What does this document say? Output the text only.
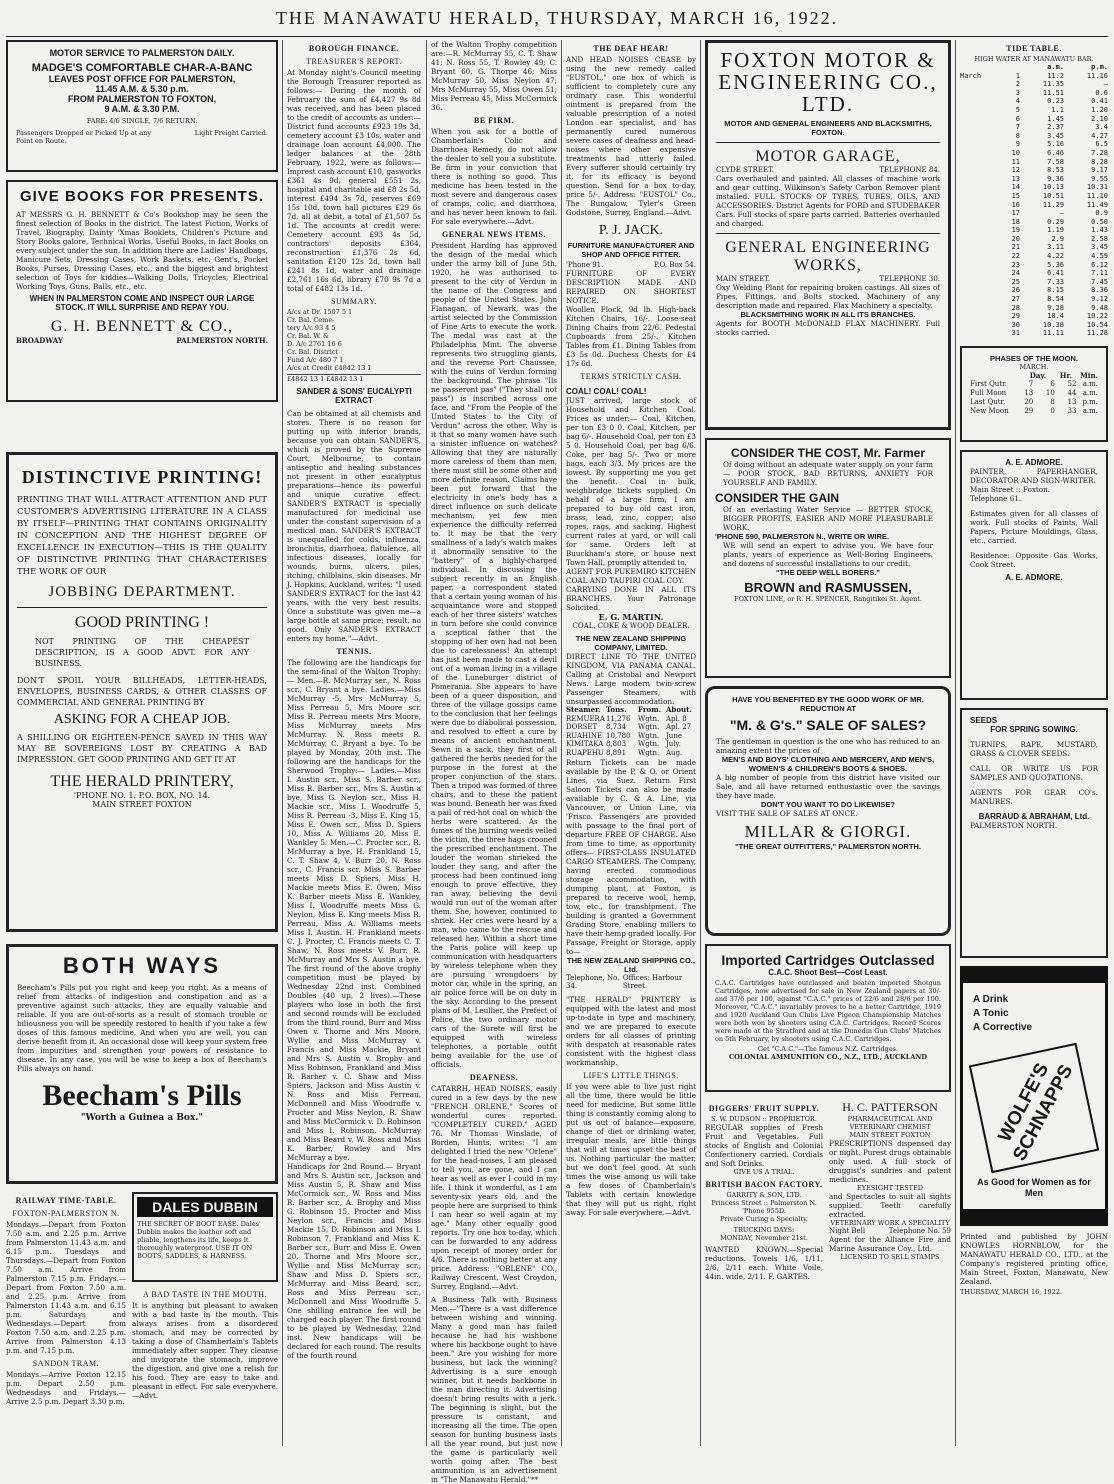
THE MANAWATU HERALD, THURSDAY, MARCH 16, 1922.
MOTOR SERVICE TO PALMERSTON DAILY.
MADGE'S COMFORTABLE CHAR-A-BANC
LEAVES POST OFFICE FOR PALMERSTON,
11.45 A.M. & 5.30 p.m.
FROM PALMERSTON TO FOXTON,
9 A.M. & 3.30 P.M.
FARE: 4/6 SINGLE, 7/6 RETURN.
Passengers Dropped or Picked Up at any Point en Route.
Light Freight Carried.
GIVE BOOKS FOR PRESENTS.
AT MESSRS G. H. BENNETT & Co's Bookshop may be seen the finest selection of Books in the district. The latest Fiction, Works of Travel, Biography, Dainty 'Xmas Booklets, Children's Picture and Story Books galore, Technical Works, Useful Books, in fact Books on every subject under the sun. In addition there are Ladies' Handbags, Manicure Sets, Dressing Cases, Work Baskets, etc. Gent's, Pocket Books, Purses, Dressing Cases, etc., and the biggest and brightest selection of Toys for kiddies—Walking Dolls, Tricycles, Electrical Working Toys, Guns, Balls, etc., etc.
WHEN IN PALMERSTON COME AND INSPECT OUR LARGE STOCK. IT WILL SURPRISE AND REPAY YOU.
G. H. BENNETT & CO.,
BROADWAY	PALMERSTON NORTH.
DISTINCTIVE PRINTING!
PRINTING THAT WILL ATTRACT ATTENTION AND PUT CUSTOMER'S ADVERTISING LITERATURE IN A CLASS BY ITSELF—PRINTING THAT CONTAINS ORIGINALITY IN CONCEPTION AND THE HIGHEST DEGREE OF EXCELLENCE IN EXECUTION—THIS IS THE QUALITY OF DISTINCTIVE PRINTING THAT CHARACTERISES THE WORK OF OUR
JOBBING DEPARTMENT.
GOOD PRINTING !
NOT PRINTING OF THE CHEAPEST DESCRIPTION, IS A GOOD ADVT. FOR ANY BUSINESS.
DON'T SPOIL YOUR BILLHEADS, LETTER-HEADS, ENVELOPES, BUSINESS CARDS, & OTHER CLASSES OF COMMERCIAL AND GENERAL PRINTING BY
ASKING FOR A CHEAP JOB.
A SHILLING OR EIGHTEEN-PENCE SAVED IN THIS WAY MAY BE SOVEREIGNS LOST BY CREATING A BAD IMPRESSION. GET GOOD PRINTING AND GET IT AT
THE HERALD PRINTERY,
'PHONE NO. 1. P.O. BOX, NO. 14.
MAIN STREET FOXTON
BOTH WAYS
Beecham's Pills put you right and keep you right. As a means of relief from attacks of indigestion and constipation and as a preventive against such attacks, they are equally valuable and reliable. If you are out-of-sorts as a result of stomach trouble or biliousness you will be speedily restored to health if you take a few doses of this famous medicine. And when you are well, you can derive benefit from it. An occasional dose will keep your system free from impurities and strengthen your powers of resistance to disease. In any case, you will be wise to keep a box of Beecham's Pills always on hand.
Beecham's Pills
"Worth a Guinea a Box."
RAILWAY TIME-TABLE.
FOXTON-PALMERSTON N.
Mondays.—Depart from Foxton 7.50 a.m. and 2.25 p.m. Arrive from Palmerston 11.43 a.m. and 6.15 p.m. Tuesdays and Thursdays.—Depart from Foxton 7.50 a.m. Arrive from Palmerston 7.15 p.m. Fridays.—Depart from Foxton 7.50 a.m. and 2.25 p.m. Arrive from Palmerston 11.43 a.m. and 6.15 p.m. Saturdays and Wednesdays.—Depart from Foxton 7.50 a.m. and 2.25 p.m. Arrive from Palmerston 4.13 p.m. and 7.15 p.m.
SANDON TRAM.
Mondays.—Arrive Foxton 12.15 p.m. Depart 2.50 p.m. Wednesdays and Fridays.—Arrive 2.5 p.m. Depart 3.30 p.m.
DALES DUBBIN
THE SECRET OF BOOT EASE. Dales' Dubbin makes the leather soft and pliable, lengthens its life, keeps it thoroughly waterproof. USE IT ON BOOTS, SADDLES, & HARNESS.
A BAD TASTE IN THE MOUTH.
It is anything but pleasant to awaken with a bad taste in the mouth. This always arises from a disordered stomach, and may be corrected by taking a dose of Chamberlain's Tablets immediately after supper. They cleanse and invigorate the stomach, improve the digestion, and give one a relish for his food. They are easy to take and pleasant in effect. For sale everywhere.—Advt.
BOROUGH FINANCE.
TREASURER'S REPORT.
At Monday night's Council meeting the Borough Treasurer reported as follows:— During the month of February the sum of £4,427 9s 8d was received, and has been placed to the credit of accounts as under:—District fund accounts £923 19s 3d, cemetery account £3 10s, water and drainage loan account £4,000. The ledger balances at the 28th February, 1922, were as follows:—Imprest cash account £10, gasworks £361 4s 9d, general £551 2s, hospital and charitable aid £8 2s 5d, interest £494 3s 7d, reserves £69 15s 10d, town hall pictures £29 6s 7d, all at debit, a total of £1,507 5s 1d. The accounts at credit were: Cemetery account £93 4s 5d, contractors' deposits £364, reconstruction £1,376 2s 6d, sanitation £120 12s 2d, town hall £241 8s 1d, water and drainage £2,761 16s 6d, library £70 9s 7d a total of £482 13s 1d.
SUMMARY.
A/cs at Dr. 1507 5 1
Cr. Bal. Ceme-
tery A/c 93 4 5
Cr. Bal. W. &
D. A/c 2761 16 6
Cr. Bal. District
Fund A/c 480 7 1
A/cs at Credit £4842 13 1
£4842 13 1 £4842 13 1
SANDER & SONS' EUCALYPTI EXTRACT
Can be obtained at all chemists and stores. There is no reason for putting up with inferior brands, because you can obtain SANDER'S, which is proved by the Supreme Court, Melbourne, to contain antiseptic and healing substances not present in other eucalyptus preparations—hence its powerful and unique curative effect. SANDER'S EXTRACT is specially manufactured for medicinal use under the constant supervision of a medical man. SANDER'S EXTRACT is unequalled for colds, influenza, bronchitis, diarrhoea, flatulence, all infectious diseases, locally for wounds, burns, ulcers, piles, itching, chilblains, skin diseases. Mr J. Hopkins, Auckland, writes: "I used SANDER'S EXTRACT for the last 42 years, with the very best results. Once a substitute was given me—a large bottle at same price; result, no good. Only SANDER'S EXTRACT enters my home."—Advt.
TENNIS.
The following are the handicaps for the semi-final of the Walton Trophy:— Men.—R. McMurray ser., N. Ross scr., C. Bryant a bye. Ladies.—Miss McMurray -5, Mrs McMurray 5, Miss Perreau 5, Mrs Moore scr. Miss R. Perreau meets Mrs Moore, Miss McMurray meets Mrs McMurray. N. Ross meets R. McMurray, C. Bryant a bye. To be played by Monday, 20th inst. The following are the handicaps for the Sherwood Trophy:— Ladies.—Miss I. Austin scr., Miss S. Barber scr., Miss R. Barber scr., Mrs S. Austin a bye, Miss G. Neylon scr., Miss H. Mackie scr., Miss I. Woodruffe 5, Miss R. Perreau -3, Miss E. King 15, Miss E. Owen scr., Miss D. Spiers 10, Miss A. Williams 20, Miss E. Wankley 5. Men.—C. Procter scr., R. McMurray a bye, H. Frankland 15, C. T. Shaw 4, V. Burr 20, N. Ross scr., C. Francis scr. Miss S. Barber meets Miss D. Spiers, Miss H. Mackie meets Miss E. Owen, Miss K. Barber meets Miss E. Wankley, Miss I. Woodruffe meets Miss G. Neylon, Miss E. King meets Miss R. Perreau, Miss A. Williams meets Miss I. Austin. H. Frankland meets C. J. Procter, C. Francis meets C. T. Shaw, N. Ross meets V. Burr. R. McMurray and Mrs S. Austin a bye. The first round of the above trophy competition must be played by Wednesday 22nd inst. Combined Doubles (40 up, 2 lives).—These players who lose in both the first and second rounds will be excluded from the third round. Burr and Miss Owen v. Thorne and Mrs Moore, Wyllie and Miss McMurray v. Francis and Miss Mackie, Bryant and Mrs S. Austin v. Brophy and Miss Robinson, Frankland and Miss R. Barber v. C. Shaw and Miss Spiers, Jackson and Miss Austin v. N. Ross and Miss Perreau, McDonnell and Miss Woodruffe v. Procter and Miss Neylon, R. Shaw and Miss McCormick v. D. Robinson and Miss I. Robinson, McMurray and Miss Beard v. W. Ross and Miss K. Barber, Rowley and Mrs McMurray a bye.
Handicaps for 2nd Round.— Bryant and Mrs S. Austin scr., Jackson and Miss Austin 5, R. Shaw and Miss McCormick scr., W. Ross and Miss R. Barber scr., A. Brophy and Miss G. Robinson 15, Procter and Miss Neylon scr., Francis and Miss Mackie 15, D. Robinson and Miss I. Robinson 7, Frankland and Miss K. Barber scr., Burr and Miss E. Owen 20, Thorne and Mrs Moore scr., Wyllie and Miss McMurray scr., Shaw and Miss D. Spiers scr., McMurray and Miss Beard, scr., Ross and Miss Perreau scr., McDonnell and Miss Woodruffe 5. One shilling entrance fee will be charged each player. The first round to be played by Wednesday, 22nd inst. New handicaps will be declared for each round. The results of the fourth round
of the Walton Trophy competition are:—R. McMurray 55, C. T. Shaw 41; N. Ross 55, T. Rowley 49; C. Bryant 60, G. Thorpe 46; Miss McMurray 50, Miss Neylon 47; Mrs McMurray 55, Miss Owen 51; Miss Perreau 45, Miss McCormick 36.
BE FIRM.
When you ask for a bottle of Chamberlain's Colic and Diarrhoea Remedy, do not allow the dealer to sell you a substitute. Be firm in your conviction that there is nothing so good. This medicine has been tested in the most severe and dangerous cases of cramps, colic, and diarrhoea, and has never been known to fail. For sale everywhere.—Advt.
GENERAL NEWS ITEMS.
President Harding has approved the design of the medal which under the army bill of June 5th, 1920, he was authorised to present to the city of Verdun in the name of the Congress and people of the United States. John Flanagan, of Newark, was the artist selected by the Commission of Fine Arts to execute the work. The medal was cast at the Philadelphia Mint. The obverse represents two struggling giants, and the reverse Port Chaussee, with the ruins of Verdun forming the background. The phrase "Ils ne passeront pas" ("They shall not pass") is inscribed across one face, and "From the People of the United States to the City of Verdun" across the other. Why is it that so many women have such a sinister influence on watches? Allowing that they are naturally more careless of them than men, there must still be some other and more definite reason. Claims have been put forward that the electricity in one's body has a direct influence on such delicate mechanism, yet few men experience the difficulty referred to. It may be that the very smallness of a lady's watch makes it abnormally sensitive to the "battery" of a highly-charged individual. In discussing the subject recently in an English paper, a correspondent stated that a certain young woman of his acquaintance wore and stopped each of her three sisters' watches in turn before she could convince a sceptical father that the stopping of her own had not been due to carelessness! An attempt has just been made to cast a devil out of a woman living in a village of the Luneburger district of Pomerania. She appears to have been of a queer disposition, and three of the village gossips came to the conclusion that her feelings were due to diabolical possession, and resolved to effect a cure by means of ancient enchantment. Sewn in a sack, they first of all gathered the herbs needed for the purpose in the forest at the proper conjunction of the stars. Then a tripod was formed of three chairs, and to these the patient was bound. Beneath her was fixed a pail of red-hot coal on which the herbs were scattered. As the fumes of the burning weeds veiled the victim, the three hags crooned the prescribed enchantment. The louder the woman shrieked the louder they sang, and after the process had been continued long enough to prove effective, they ran away, believing the devil would run out of the woman after them. She, however, continued to shriek. Her cries were heard by a man, who came to the rescue and released her. Within a short time the Paris police will keep up communication with headquarters by wireless telephone when they are pursuing wrongdoers by motor car, while in the spring, an air police force will be on duty in the sky. According to the present plans of M. Leullier, the Prefect of Police, the two ordinary motor cars of the Surete will first be equipped with wireless telephones, a portable outfit being available for the use of officials.
DEAFNESS.
CATARRH, HEAD NOISES, easily cured in a few days by the new "FRENCH ORLENE." Scores of wonderful cures reported. "COMPLETELY CURED." AGED 76. Mr Thomas Winslade, of Borden, Hunts, writes: "I am delighted I tried the new "Orlene" for the head-noises, I am pleased to tell you, are gone, and I can hear as well as ever I could in my life. I think it wonderful, as I am seventy-six years old, and the people here are surprised to think I can hear so well again at my age." Many other equally good reports. Try one box to-day, which can be forwarded to any address upon receipt of money order for 4/6. There is nothing better at any price. Address: "ORLENE" CO., Railway Crescent, West Croydon, Surrey, England.—Advt.
A Business Talk with Business Men.—"There is a vast difference between wishing and winning. Many a good man has failed because he had his wishbone where his backbone ought to have been." Are you wishing for more business, but lack the winning? Advertising is a sure enough winner, but it needs backbone in the man directing it. Advertising doesn't bring results with a jerk. The beginning is slight, but the pressure is constant, and increasing all the time. The open season for hunting business lasts all the year round, but just now the game is particularly well worth going after. The best ammunition is an advertisement in "The Manawatu Herald."**
THE DEAF HEAR!
AND HEAD NOISES CEASE by using the new remedy called "EUSTOL," one box of which is sufficient to completely cure any ordinary case. This wonderful ointment is prepared from the valuable prescription of a noted London ear specialist, and has permanently cured numerous severe cases of deafness and head-noises where other expensive treatments had utterly failed. Every sufferer should certainly try it, for its efficacy is beyond question. Send for a box to-day, price 5/-. Address: "EUSTOL" Co., The Bungalow, Tyler's Green Godstone, Surrey, England.—Advt.
P. J. JACK.
FURNITURE MANUFACTURER AND SHOP AND OFFICE FITTER.
'Phone 91.	P.O. Box 54.
FURNITURE OF EVERY DESCRIPTION MADE AND REPAIRED ON SHORTEST NOTICE.
Woollen Flock, 9d lb. High-back Kitchen Chairs, 16/-. Loose-seat Dining Chairs from 22/6. Pedestal Cupboards from 25/-. Kitchen Tables from £1. Dining Tables from £3 5s 0d. Duchess Chests for £4 17s 6d.
TERMS STRICTLY CASH.
COAL! COAL! COAL!
JUST arrived, large stock of Household and Kitchen Coal. Prices as under:— Coal, Kitchen, per ton £3 0 0. Coal, Kitchen, per bag 6/-. Household Coal, per ton £3 5 0. Household Coal, per bag 6/6. Coke, per bag 5/-. Two or more bags, each 3/3. My prices are the lowest. By supporting me you get the benefit. Coal in bulk, weighbridge tickets supplied. On behalf of a large firm, I am prepared to buy old cast iron, brass, lead, zinc, copper; also ropes, rags, and sacking. Highest current rates at yard, or will call for same. Orders left at Buuckham's store, or house next Town Hall, promptly attended to.
AGENT FOR PUKEMIRO KITCHEN COAL AND TAUPIRI COAL COY.
CARRYING DONE IN ALL ITS BRANCHES. Your Patronage Solicited.
E. G. MARTIN.
COAL, COKE & WOOD DEALER.
THE NEW ZEALAND SHIPPING COMPANY, LIMITED.
DIRECT LINE TO THE UNITED KINGDOM, VIA PANAMA CANAL. Calling at Cristobal and Newport News. Large modern twin-screw Passenger Steamers, with unsurpassed accommodation.
Steamer. Tons.	From. About.
REMUERA 11,276	Wgtn. Apl. 8
DORSET	8,734	Wgtn. Apl. 27
RUAHINE 10,780	Wgtn. June
KIMITAKA 8,803	Wgtn. July.
RUAPEHU 8,891	Wgtn. Aug.
Return Tickets can be made available by the P. & O. or Orient Lines, via Suez. Return First Saloon Tickets can also be made available by C. & A. Line, via Vancouver, or Union Line, via 'Frisco. Passengers are provided with passage to the final port of departure FREE OF CHARGE. Also from time to time, as opportunity offers— FIRST-CLASS INSULATED CARGO STEAMERS. The Company, having erected commodious storage accommodation, with dumping plant, at Foxton, is prepared to receive wool, hemp, tow, etc., for transhipment. The building is granted a Government Grading Store, enabling millers to have their hemp graded locally. For Passage, Freight or Storage, apply to—
THE NEW ZEALAND SHIPPING CO., Ltd.
Telephone, No. 34.
Offices: Harbour Street.
"THE HERALD" PRINTERY is equipped with the latest and most up-to-date in type and machinery, and we are prepared to execute orders for all classes of printing with despatch at reasonable rates consistent with the highest class workmanship.
LIFE'S LITTLE THINGS.
If you were able to live just right all the time, there would be little need for medicine. But some little thing is constantly coming along to put us out of balance—exposure, change of diet or drinking water, irregular meals, are little things that will at times upset the best of us. Nothing particular the matter, but we don't feel good. At such times the wise among us will take a few doses of Chamberlain's Tablets with certain knowledge that they will put us right, right away. For sale everywhere.—Advt.
FOXTON MOTOR & ENGINEERING CO., LTD.
MOTOR AND GENERAL ENGINEERS AND BLACKSMITHS, FOXTON.
MOTOR GARAGE,
CLYDE STREET.	TELEPHONE 84.
Cars overhauled and painted. All classes of machine work and gear cutting. Wilkinson's Safety Carbon Remover plant installed. FULL STOCKS OF TYRES, TUBES, OILS, AND ACCESSORIES. District Agents for FORD and STUDEBAKER Cars. Full stocks of spare parts carried. Batteries overhauled and charged.
GENERAL ENGINEERING WORKS,
MAIN STREET.	TELEPHONE 30.
Oxy Welding Plant for repairing broken castings. All sizes of Pipes, Fittings, and Bolts stocked. Machinery of any description made and repaired. Flax Machinery a specialty.
BLACKSMITHING WORK IN ALL ITS BRANCHES.
Agents for BOOTH McDONALD FLAX MACHINERY. Full stocks carried.
CONSIDER THE COST, Mr. Farmer
Of doing without an adequate water supply on your farm — POOR STOCK, BAD RETURNS, ANXIETY FOR YOURSELF AND FAMILY.
CONSIDER THE GAIN
Of an everlasting Water Service — BETTER STOCK, BIGGER PROFITS, EASIER AND MORE PLEASURABLE WORK.
'PHONE 590, PALMERSTON N., WRITE OR WIRE.
WE will send an expert to advise you. We have four plants, years of experience as Well-Boring Engineers, and dozens of successful installations to our credit.
"THE DEEP WELL BORERS."
BROWN and RASMUSSEN,
FOXTON LINE, or R. H. SPENCER, Rangitikei St. Agent.
HAVE YOU BENEFITED BY THE GOOD WORK OF MR. REDUCTION AT
"M. & G's." SALE OF SALES?
The gentleman in question is the one who has reduced to an amazing extent the prices of
MEN'S AND BOYS' CLOTHING AND MERCERY, AND MEN'S, WOMEN'S & CHILDREN'S BOOTS & SHOES.
A big number of people from this district have visited our Sale, and all have returned enthusiastic over the savings they have made.
DON'T YOU WANT TO DO LIKEWISE?
VISIT THE SALE OF SALES AT ONCE.
MILLAR & GIORGI.
"THE GREAT OUTFITTERS," PALMERSTON NORTH.
Imported Cartridges Outclassed
C.A.C. Shoot Best—Cost Least.
C.A.C. Cartridges have outclassed and beaten imported Shotgun Cartridges, now advertised for sale in New Zealand papers at 30/- and 37/6 per 100, against "C.A.C." prices of 22/6 and 28/6 per 100. Moreover, "C.A.C." invariably proves to be a better Cartridge, 1919 and 1920 Auckland Gun Clubs Live Pigeon Championship Matches were both won by shooters using C.A.C. Cartridges. Record Scores were made at the Stratford and at the Dunedin Gun Clubs' Matches on 5th February, by shooters using C.A.C. Cartridges.
Get "C.A.C."—The famous N.Z. Cartridges.
COLONIAL AMMUNITION CO., N.Z., LTD., AUCKLAND
DIGGERS' FRUIT SUPPLY.
S. W. DUDSON :: PROPRIETOR.
REGULAR supplies of Fresh Fruit and Vegetables. Full stocks of English and Colonial Confectionery carried. Cordials and Soft Drinks.
GIVE US A TRIAL.
BRITISH BACON FACTORY.
GARRITY & SON, LTD.
Princess Street :: Palmerston N. 'Phone 955D.
Private Curing a Specialty.
TRUCKING DAYS:
MONDAY, November 21st.
WANTED KNOWN.—Special reductions. Towels 1/6, 1/11, 2/6, 2/11 each. White Voile, 44in. wide, 2/11. F. GARTES.
H. C. PATTERSON
PHARMACEUTICAL AND VETERINARY CHEMIST
MAIN STREET FOXTON
PRESCRIPTIONS dispensed day or night. Purest drugs obtainable only used. A full stock of druggist's sundries and patent medicines.
EYESIGHT TESTED
and Spectacles to suit all sights supplied. Teeth carefully extracted.
VETERINARY WORK A SPECIALITY
Night Bell	Telephone No. 59
Agent for the Alliance Fire and Marine Assurance Coy., Ltd.
LICENSED TO SELL STAMPS
TIDE TABLE.
HIGH WATER AT MANAWATU BAR.
a.m.	p.m.
March	1	11.2	11.16
2	11.35	—
3	11.51	0.6
4	0.23	0.41
5	1.1	1.20
6	1.45	2.10
7	2.37	3.4
8	3.45	4.27
9	5.16	6.5
10	6.46	7.28
11	7.58	8.28
12	8.53	9.17
13	9.36	9.55
14	10.13	10.31
15	10.51	11.10
16	11.29	11.49
17	—	0.9
18	0.29	0.50
19	1.19	1.43
20	2.9	2.58
21	3.11	3.45
22	4.22	4.59
23	5.36	6.12
24	6.41	7.11
25	7.33	7.45
26	8.15	8.36
27	8.54	9.12
28	9.28	9.48
29	10.4	10.22
30	10.38	10.54
31	11.11	11.28
PHASES OF THE MOON.
MARCH.
Day.	Hr.	Min.
First Qutr.	7	6	52 a.m.
Full Moon	13	10	44 a.m.
Last Qutr.	20	8	13 p.m.
New Moon	29	0	33 a.m.
A. E. ADMORE.
PAINTER, PAPERHANGER, DECORATOR AND SIGN-WRITER.
Main Street :: Foxton.
Telephone 61.
Estimates given for all classes of work. Full stocks of Paints, Wall Papers, Picture Mouldings, Glass, etc., carried.
Residence: Opposite Gas Works, Cook Street.
A. E. ADMORE.
SEEDS
FOR SPRING SOWING.
TURNIPS, RAPE, MUSTARD, GRASS & CLOVER SEEDS.
CALL OR WRITE US FOR SAMPLES AND QUOTATIONS.
AGENTS FOR GEAR CO's. MANURES.
BARRAUD & ABRAHAM, Ltd.
PALMERSTON NORTH.
A Drink
A Tonic
A Corrective
WOLFE'S SCHNAPPS
As Good for Women as for Men
Printed and published by JOHN KNOWLES HORNBLOW, for the MANAWATU HERALD CO., LTD., at the Company's registered printing office, Main Street, Foxton, Manawatu, New Zealand.
THURSDAY, MARCH 16, 1922.
